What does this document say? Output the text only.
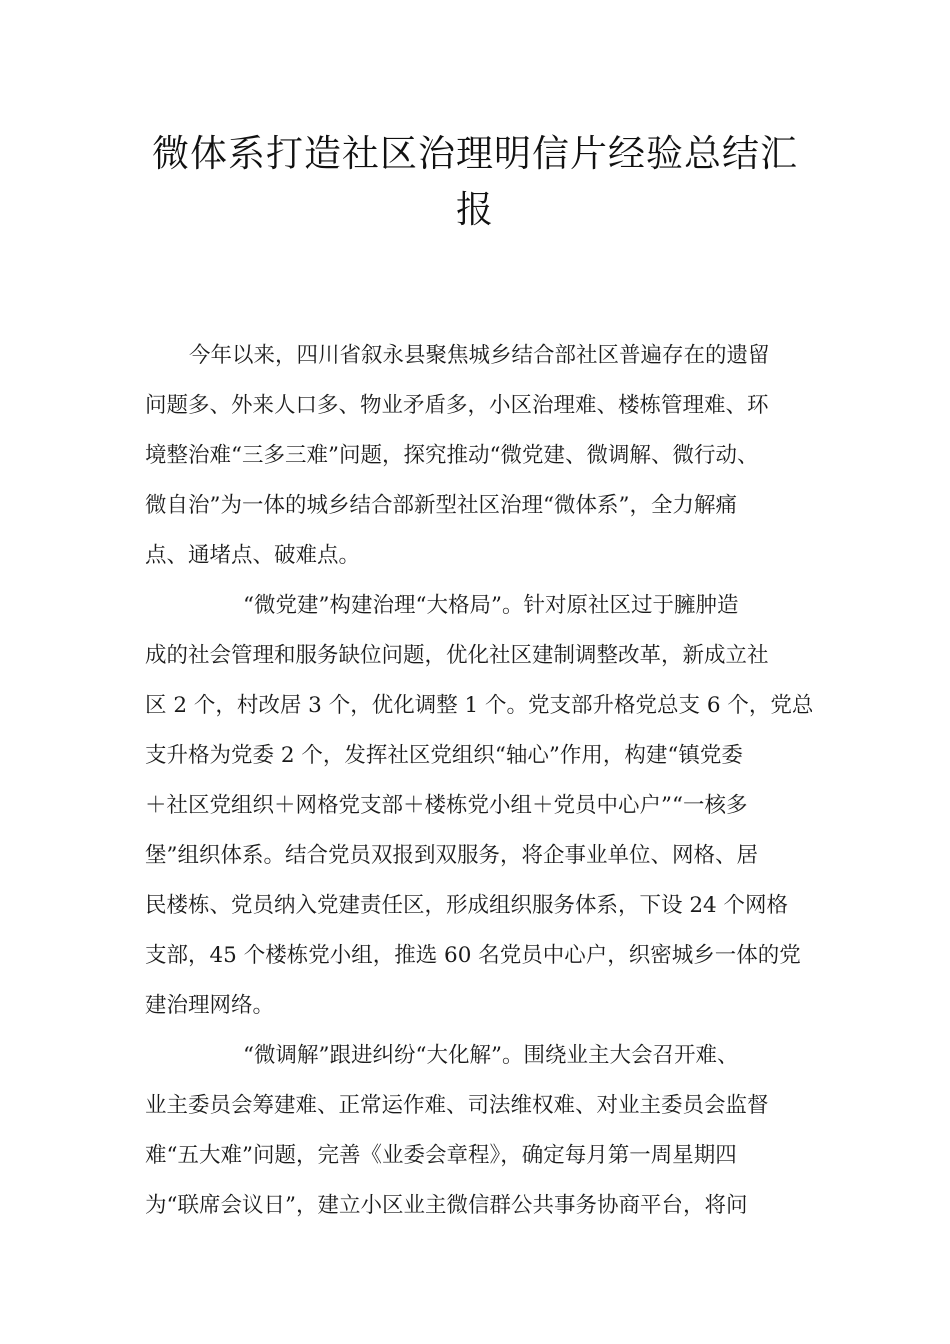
微体系打造社区治理明信片经验总结汇
报

今年以来，四川省叙永县聚焦城乡结合部社区普遍存在的遗留
问题多、外来人口多、物业矛盾多，小区治理难、楼栋管理难、环
境整治难“三多三难”问题，探究推动“微党建、微调解、微行动、
微自治”为一体的城乡结合部新型社区治理“微体系”，全力解痛
点、通堵点、破难点。

“微党建”构建治理“大格局”。针对原社区过于臃肿造
成的社会管理和服务缺位问题，优化社区建制调整改革，新成立社
区 2 个，村改居 3 个，优化调整 1 个。党支部升格党总支 6 个，党总
支升格为党委 2 个，发挥社区党组织“轴心”作用，构建“镇党委
＋社区党组织＋网格党支部＋楼栋党小组＋党员中心户”“一核多
堡”组织体系。结合党员双报到双服务，将企事业单位、网格、居
民楼栋、党员纳入党建责任区，形成组织服务体系，下设 24 个网格
支部，45 个楼栋党小组，推选 60 名党员中心户，织密城乡一体的党
建治理网络。

“微调解”跟进纠纷“大化解”。围绕业主大会召开难、
业主委员会筹建难、正常运作难、司法维权难、对业主委员会监督
难“五大难”问题，完善《业委会章程》，确定每月第一周星期四
为“联席会议日”，建立小区业主微信群公共事务协商平台，将问
